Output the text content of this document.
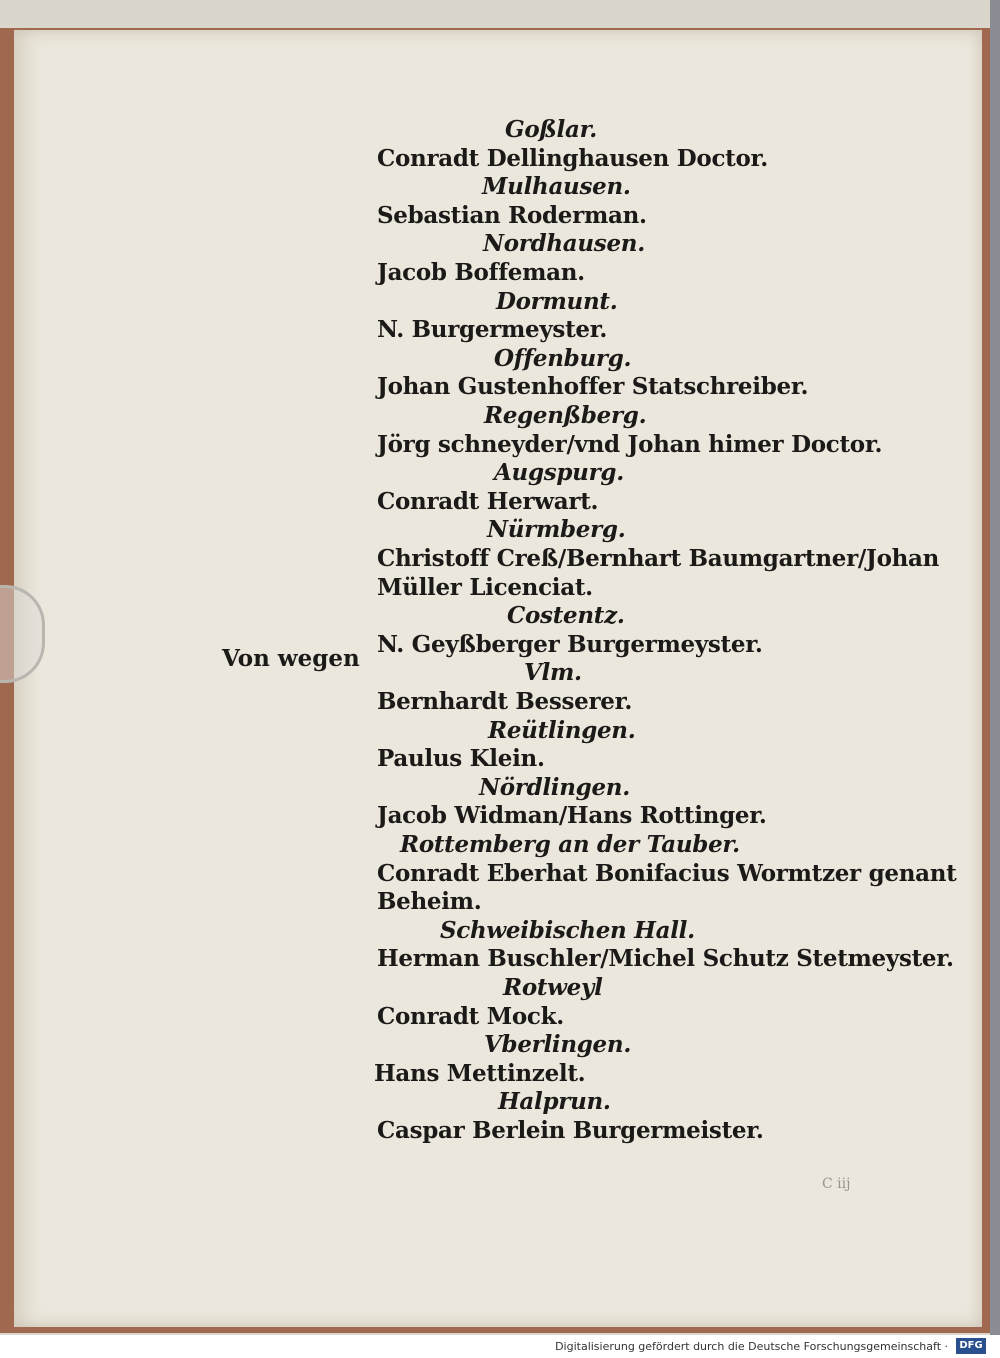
Goßlar.
Conradt Dellinghausen Doctor.
Mulhausen.
Sebastian Roderman.
Nordhausen.
Jacob Boffeman.
Dormunt.
N. Burgermeyster.
Offenburg.
Johan Gustenhoffer Statschreiber.
Regenßberg.
Jörg schneyder/vnd Johan himer Doctor.
Augspurg.
Conradt Herwart.
Nürmberg.
Christoff Creß/Bernhart Baumgartner/Johan
Müller Licenciat.
Costentz.
N. Geyßberger Burgermeyster.
Vlm.
Bernhardt Besserer.
Reütlingen.
Paulus Klein.
Nördlingen.
Jacob Widman/Hans Rottinger.
Rottemberg an der Tauber.
Conradt Eberhat Bonifacius Wormtzer genant
Beheim.
Schweibischen Hall.
Herman Buschler/Michel Schutz Stetmeyster.
Rotweyl
Conradt Mock.
Vberlingen.
Hans Mettinzelt.
Halprun.
Caspar Berlein Burgermeister.
Von wegen
C iij
Digitalisierung gefördert durch die Deutsche Forschungsgemeinschaft ·	DFG
